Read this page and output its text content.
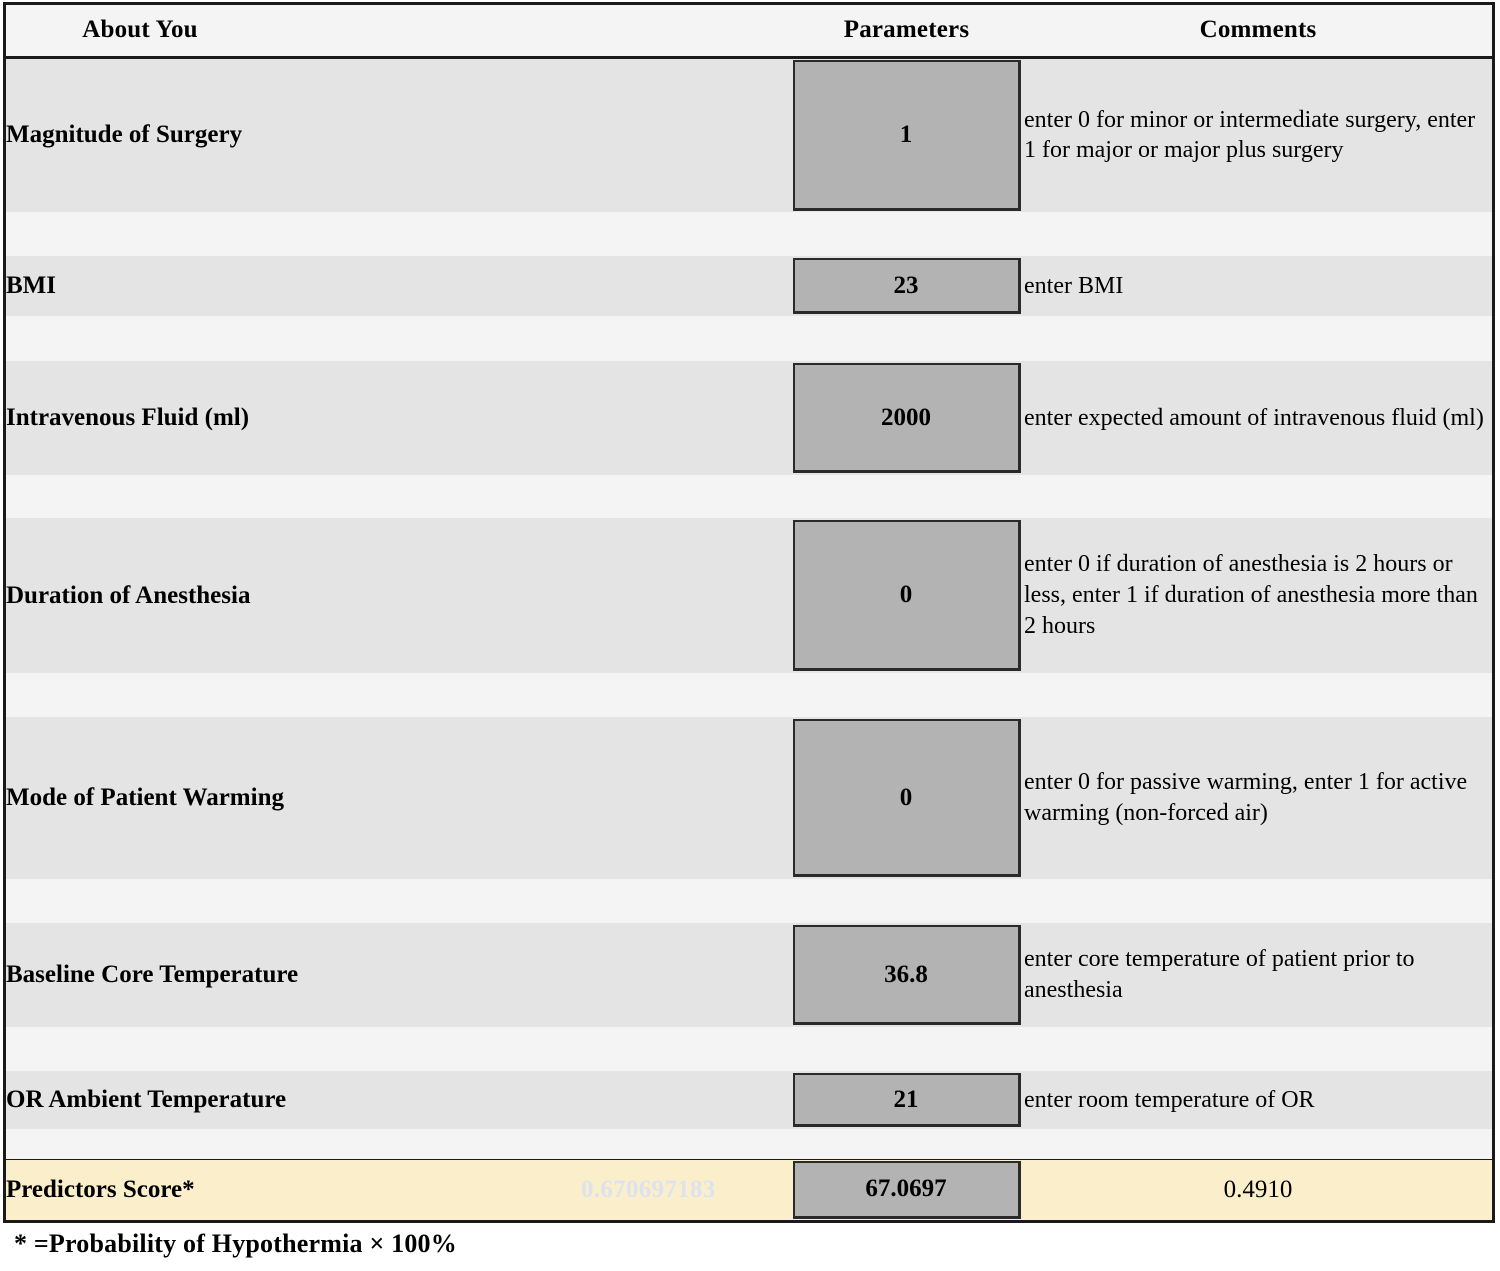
About You	Parameters	Comments

Magnitude of Surgery	1	enter 0 for minor or intermediate surgery, enter 1 for major or major plus surgery

BMI	23	enter BMI

Intravenous Fluid (ml)	2000	enter expected amount of intravenous fluid (ml)

Duration of Anesthesia	0	enter 0 if duration of anesthesia is 2 hours or less, enter 1 if duration of anesthesia more than 2 hours

Mode of Patient Warming	0	enter 0 for passive warming, enter 1 for active warming (non-forced air)

Baseline Core Temperature	36.8	enter core temperature of patient prior to anesthesia

OR Ambient Temperature	21	enter room temperature of OR

Predictors Score* 0.670697183	67.0697	0.4910
* =Probability of Hypothermia × 100%
